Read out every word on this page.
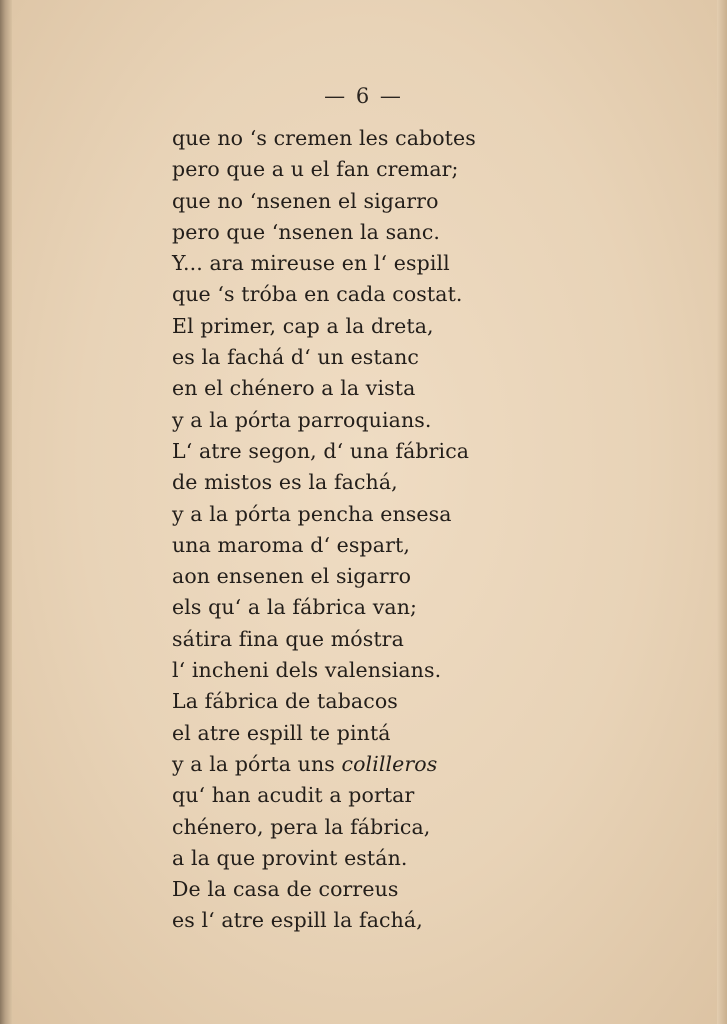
— 6 —
que no ‘s cremen les cabotes
pero que a u el fan cremar;
que no ‘nsenen el sigarro
pero que ‘nsenen la sanc.
Y... ara mireuse en l‘ espill
que ‘s tróba en cada costat.
El primer, cap a la dreta,
es la fachá d‘ un estanc
en el chénero a la vista
y a la pórta parroquians.
L‘ atre segon, d‘ una fábrica
de mistos es la fachá,
y a la pórta pencha ensesa
una maroma d‘ espart,
aon ensenen el sigarro
els qu‘ a la fábrica van;
sátira fina que móstra
l‘ incheni dels valensians.
La fábrica de tabacos
el atre espill te pintá
y a la pórta uns colilleros
qu‘ han acudit a portar
chénero, pera la fábrica,
a la que provint están.
De la casa de correus
es l‘ atre espill la fachá,
